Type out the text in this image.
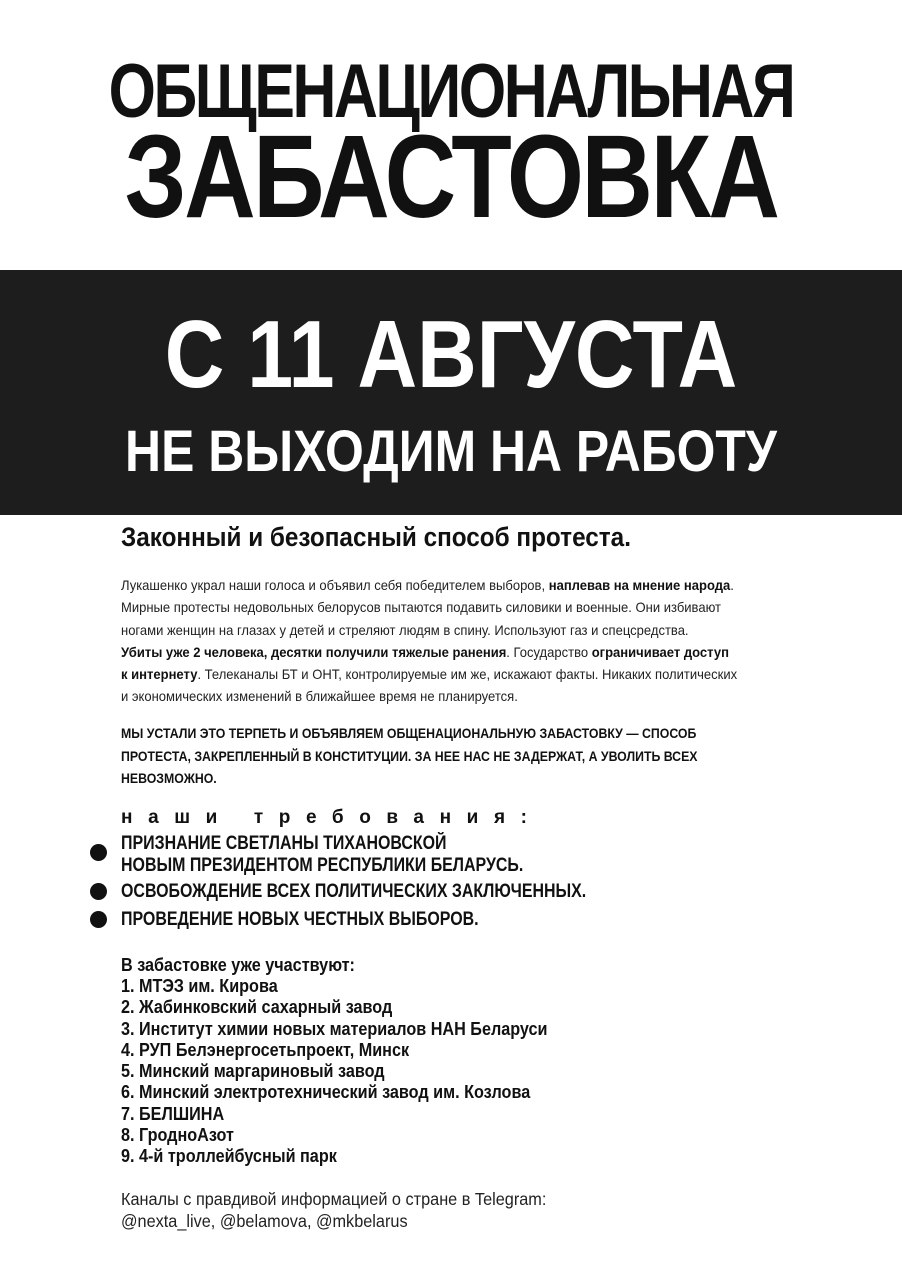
ОБЩЕНАЦИОНАЛЬНАЯ
ЗАБАСТОВКА
С 11 АВГУСТА
НЕ ВЫХОДИМ НА РАБОТУ
Законный и безопасный способ протеста.
Лукашенко украл наши голоса и объявил себя победителем выборов, наплевав на мнение народа.
Мирные протесты недовольных белорусов пытаются подавить силовики и военные. Они избивают
ногами женщин на глазах у детей и стреляют людям в спину. Используют газ и спецсредства.
Убиты уже 2 человека, десятки получили тяжелые ранения. Государство ограничивает доступ
к интернету. Телеканалы БТ и ОНТ, контролируемые им же, искажают факты. Никаких политических
и экономических изменений в ближайшее время не планируется.
МЫ УСТАЛИ ЭТО ТЕРПЕТЬ И ОБЪЯВЛЯЕМ ОБЩЕНАЦИОНАЛЬНУЮ ЗАБАСТОВКУ — СПОСОБ
ПРОТЕСТА, ЗАКРЕПЛЕННЫЙ В КОНСТИТУЦИИ. ЗА НЕЕ НАС НЕ ЗАДЕРЖАТ, А УВОЛИТЬ ВСЕХ
НЕВОЗМОЖНО.
наши требования:
ПРИЗНАНИЕ СВЕТЛАНЫ ТИХАНОВСКОЙ
НОВЫМ ПРЕЗИДЕНТОМ РЕСПУБЛИКИ БЕЛАРУСЬ.
ОСВОБОЖДЕНИЕ ВСЕХ ПОЛИТИЧЕСКИХ ЗАКЛЮЧЕННЫХ.
ПРОВЕДЕНИЕ НОВЫХ ЧЕСТНЫХ ВЫБОРОВ.
В забастовке уже участвуют:
1. МТЭЗ им. Кирова
2. Жабинковский сахарный завод
3. Институт химии новых материалов НАН Беларуси
4. РУП Белэнергосетьпроект, Минск
5. Минский маргариновый завод
6. Минский электротехнический завод им. Козлова
7. БЕЛШИНА
8. ГродноАзот
9. 4-й троллейбусный парк
Каналы с правдивой информацией о стране в Telegram:
@nexta_live, @belamova, @mkbelarus
